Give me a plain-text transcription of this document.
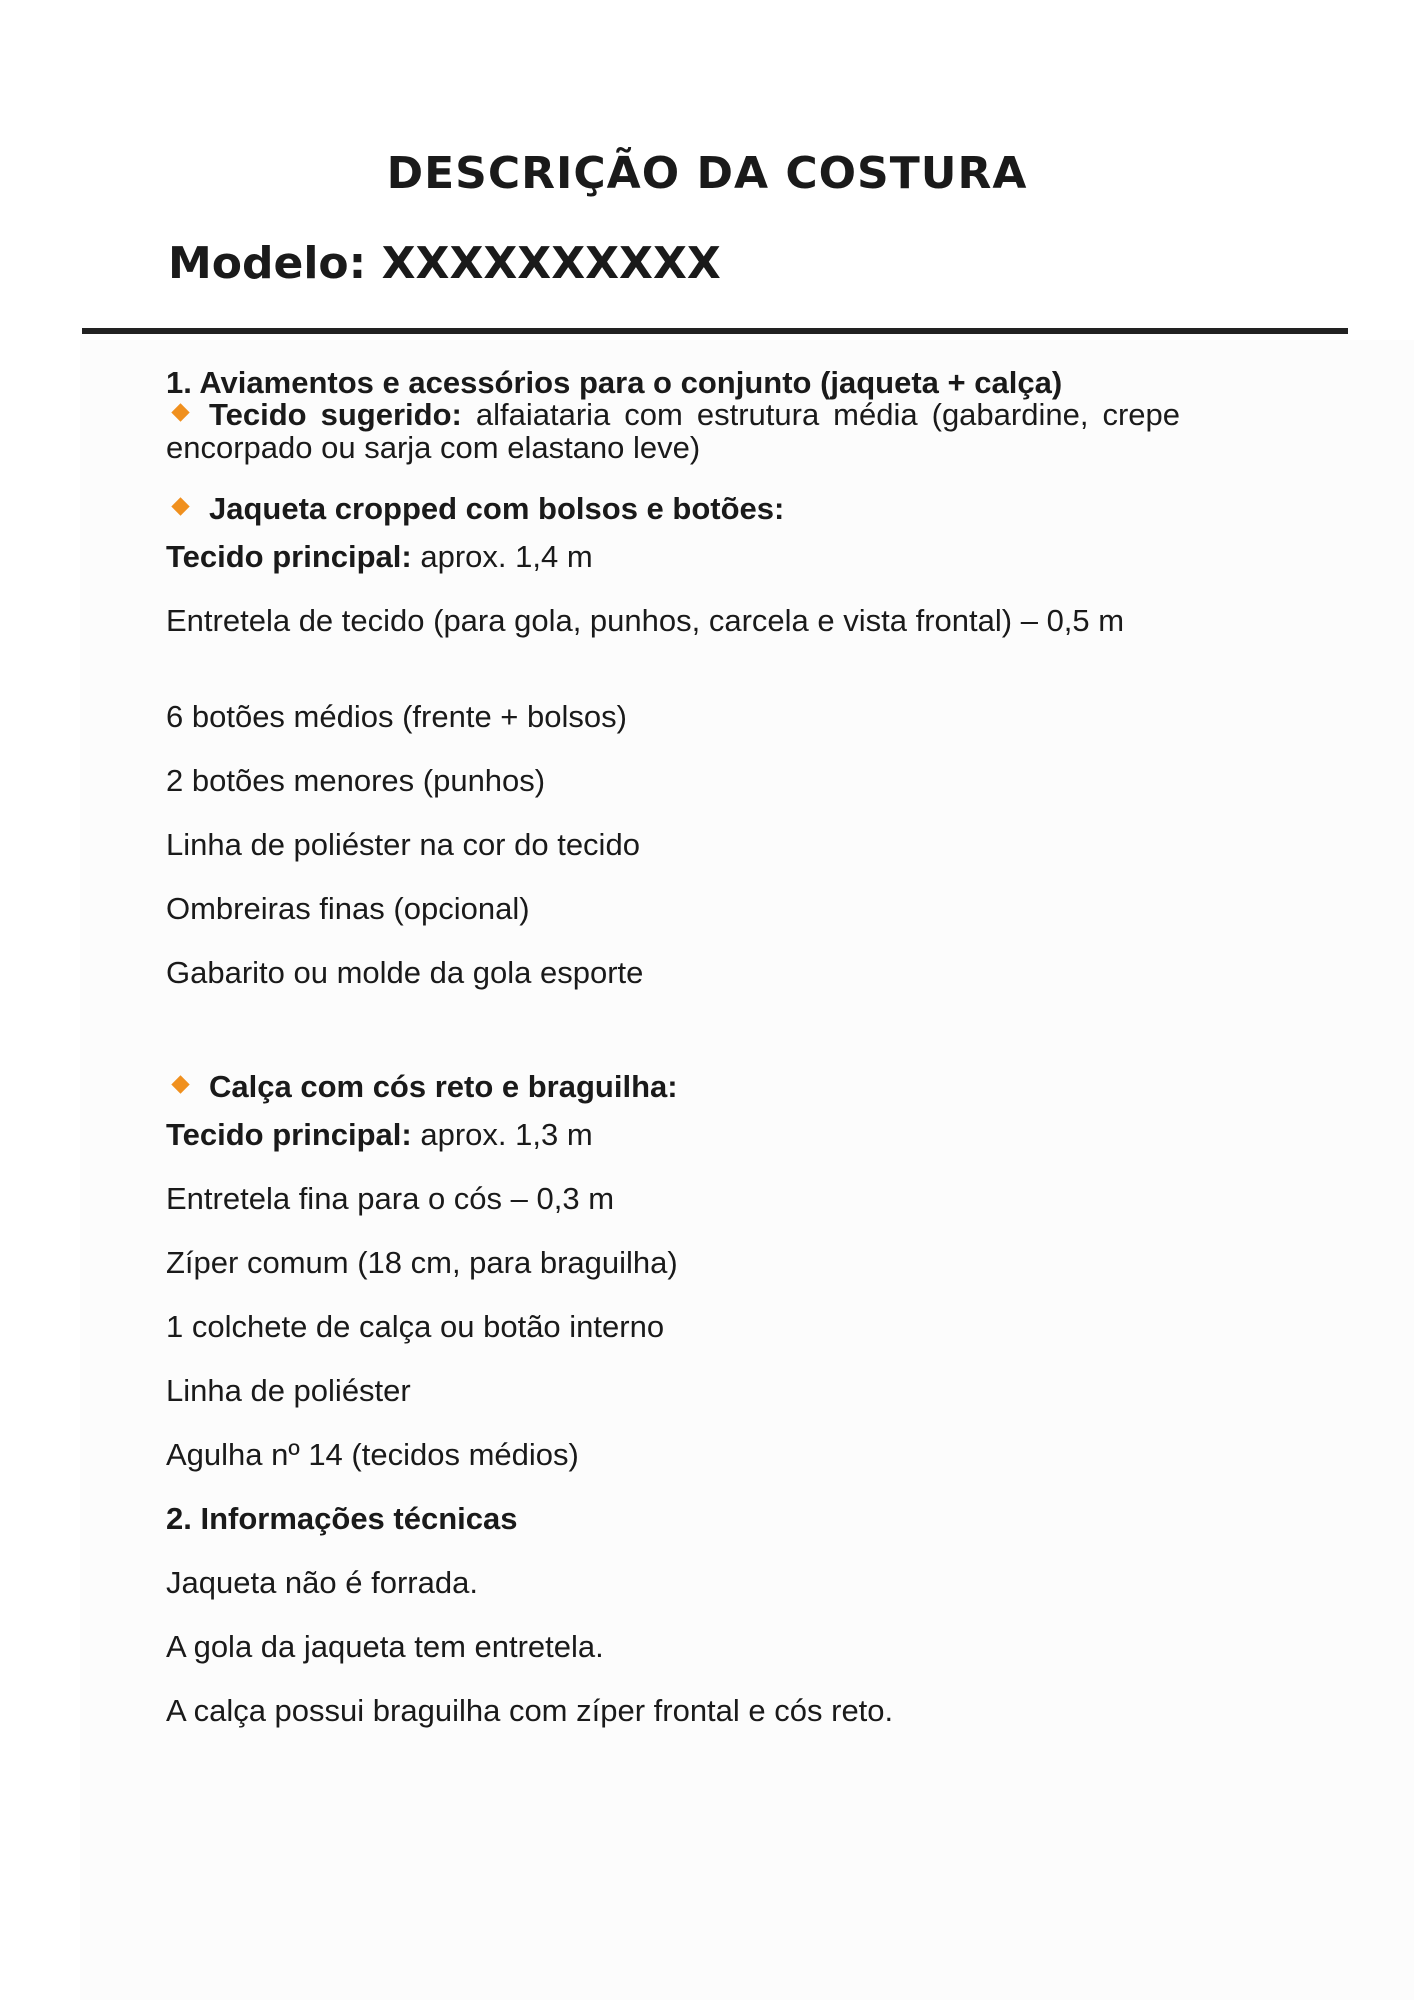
DESCRIÇÃO DA COSTURA
Modelo: XXXXXXXXXX

1. Aviamentos e acessórios para o conjunto (jaqueta + calça)

Tecido sugerido: alfaiataria com estrutura média (gabardine, crepe encorpado ou sarja com elastano leve)

Jaqueta cropped com bolsos e botões:

Tecido principal: aprox. 1,4 m

Entretela de tecido (para gola, punhos, carcela e vista frontal) – 0,5 m

6 botões médios (frente + bolsos)

2 botões menores (punhos)

Linha de poliéster na cor do tecido

Ombreiras finas (opcional)

Gabarito ou molde da gola esporte

Calça com cós reto e braguilha:

Tecido principal: aprox. 1,3 m

Entretela fina para o cós – 0,3 m

Zíper comum (18 cm, para braguilha)

1 colchete de calça ou botão interno

Linha de poliéster

Agulha nº 14 (tecidos médios)

2. Informações técnicas

Jaqueta não é forrada.

A gola da jaqueta tem entretela.

A calça possui braguilha com zíper frontal e cós reto.
